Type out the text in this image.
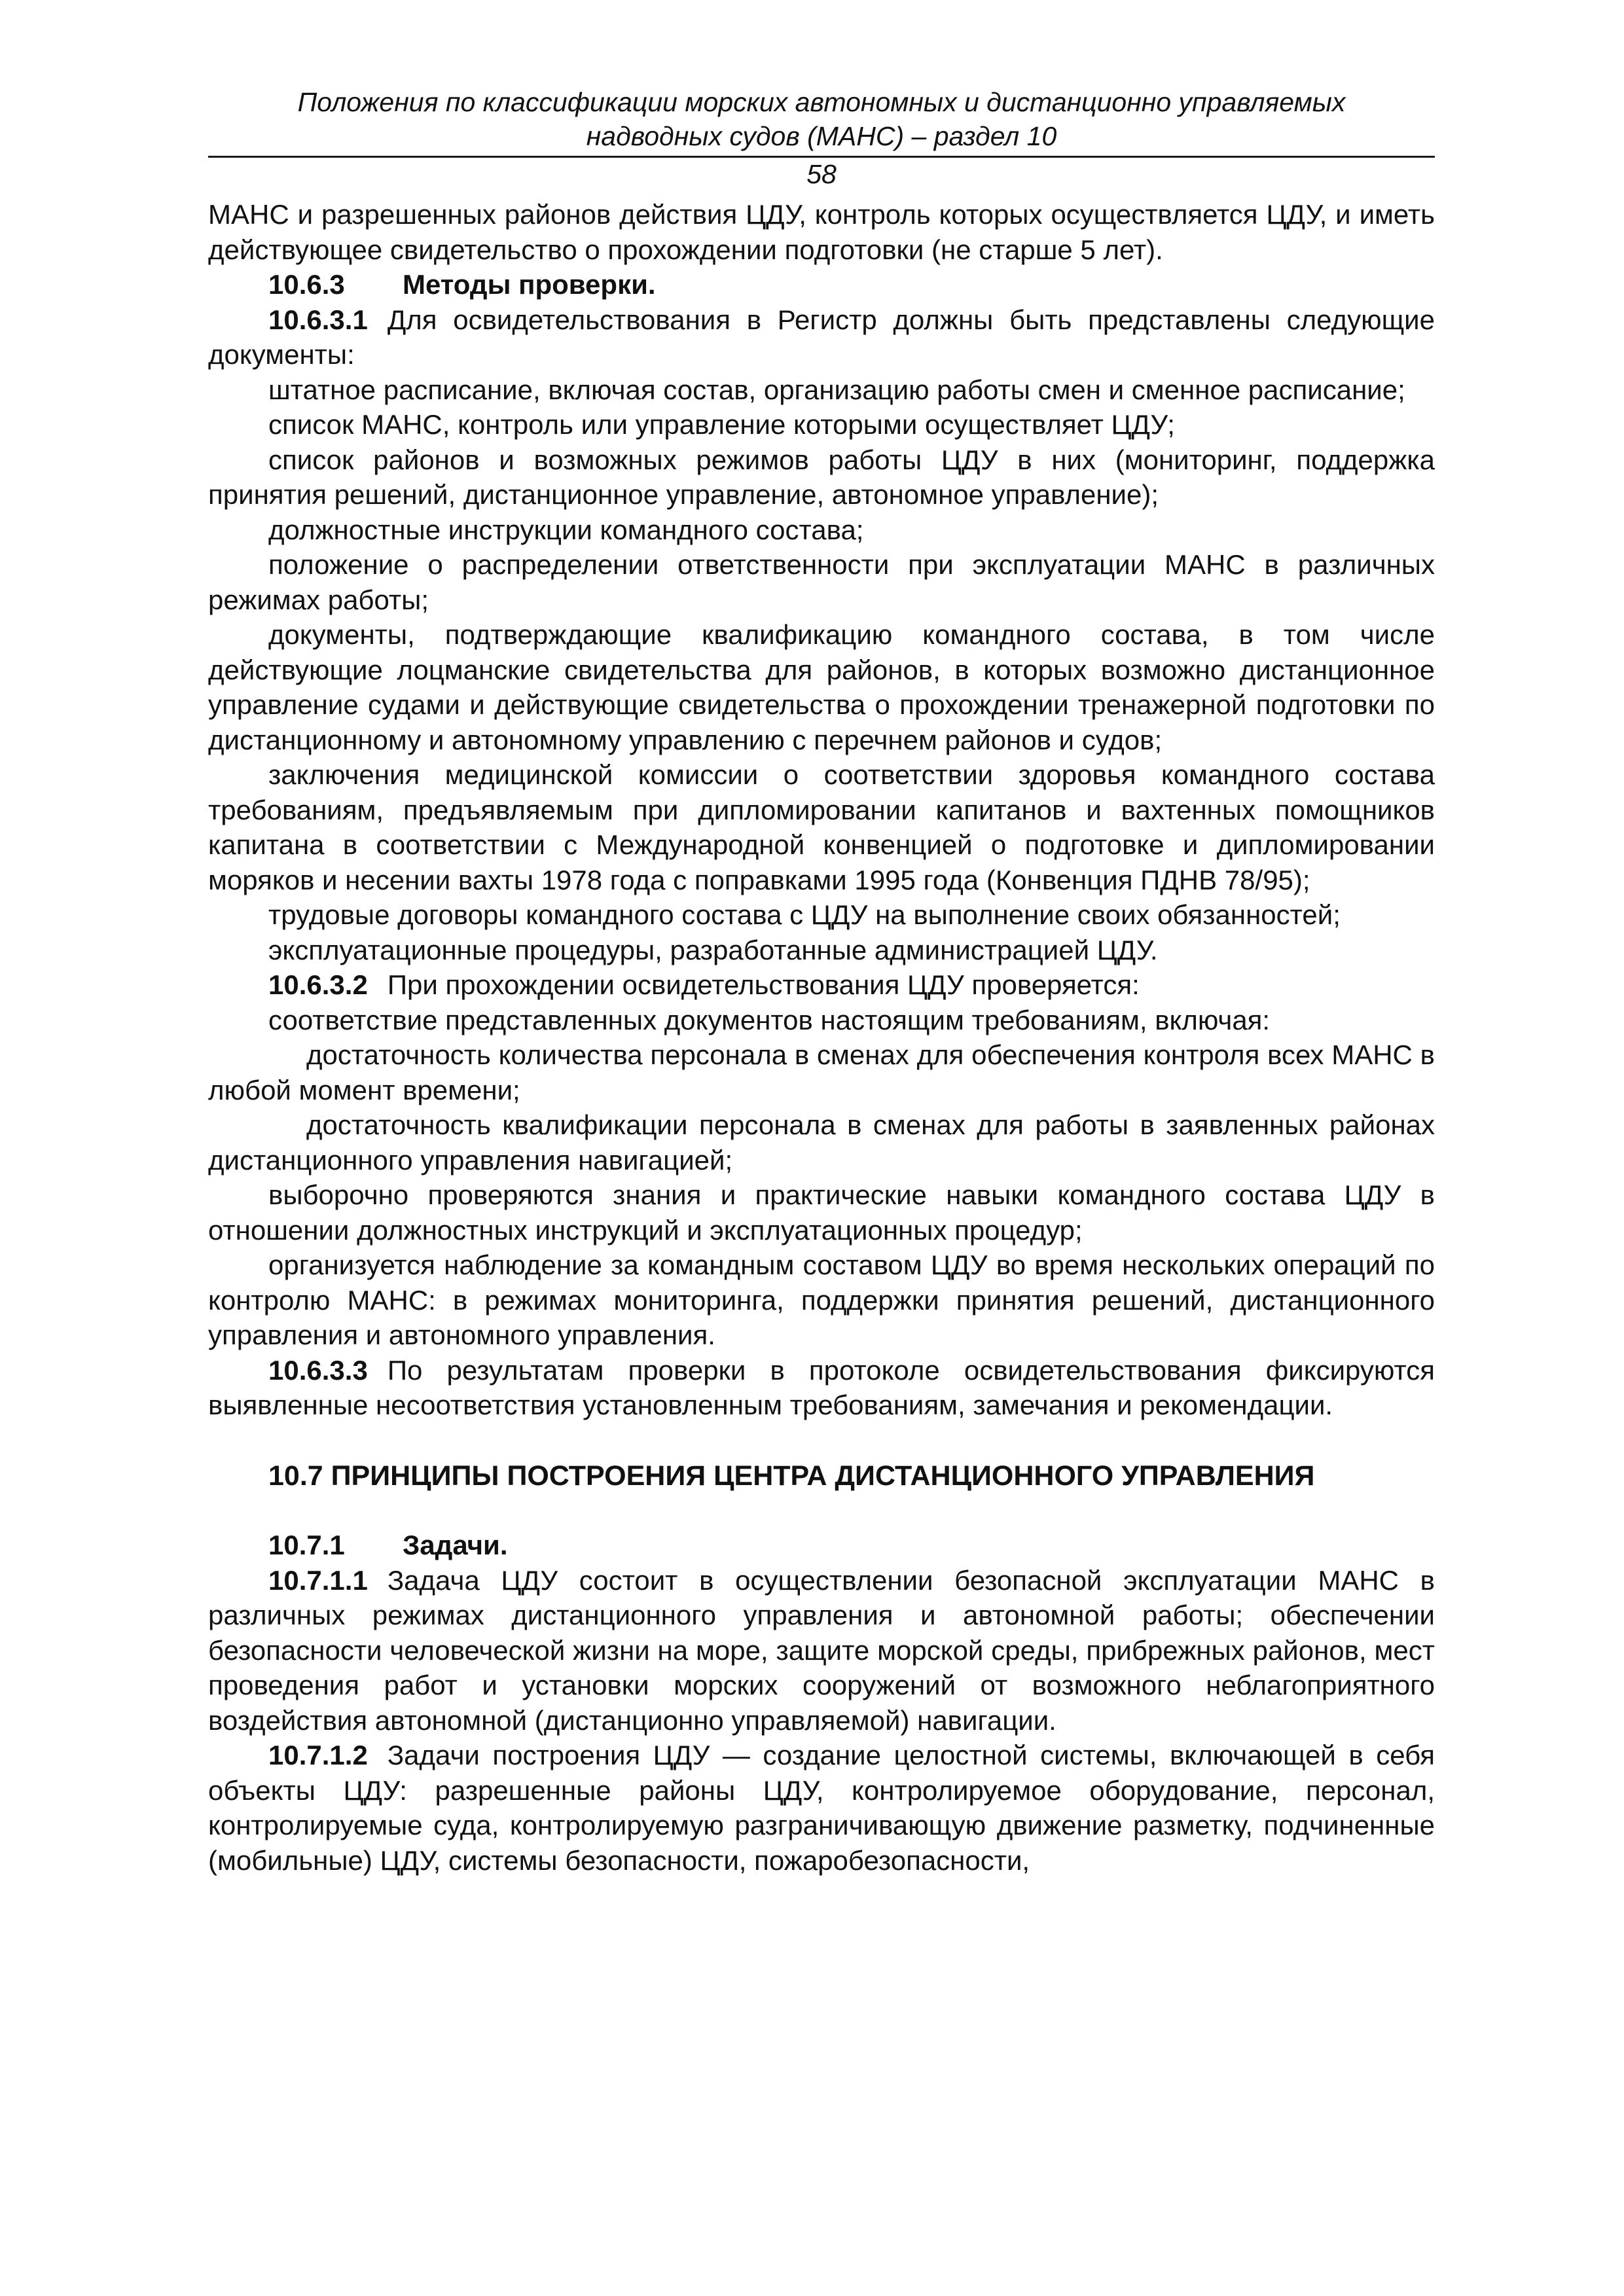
Положения по классификации морских автономных и дистанционно управляемых
надводных судов (МАНС) – раздел 10
58

МАНС и разрешенных районов действия ЦДУ, контроль которых осуществляется ЦДУ, и иметь действующее свидетельство о прохождении подготовки (не старше 5 лет).

10.6.3 Методы проверки.

10.6.3.1 Для освидетельствования в Регистр должны быть представлены следующие документы:

штатное расписание, включая состав, организацию работы смен и сменное расписание;

список МАНС, контроль или управление которыми осуществляет ЦДУ;

список районов и возможных режимов работы ЦДУ в них (мониторинг, поддержка принятия решений, дистанционное управление, автономное управление);

должностные инструкции командного состава;

положение о распределении ответственности при эксплуатации МАНС в различных режимах работы;

документы, подтверждающие квалификацию командного состава, в том числе действующие лоцманские свидетельства для районов, в которых возможно дистанционное управление судами и действующие свидетельства о прохождении тренажерной подготовки по дистанционному и автономному управлению с перечнем районов и судов;

заключения медицинской комиссии о соответствии здоровья командного состава требованиям, предъявляемым при дипломировании капитанов и вахтенных помощников капитана в соответствии с Международной конвенцией о подготовке и дипломировании моряков и несении вахты 1978 года с поправками 1995 года (Конвенция ПДНВ 78/95);

трудовые договоры командного состава с ЦДУ на выполнение своих обязанностей;

эксплуатационные процедуры, разработанные администрацией ЦДУ.

10.6.3.2 При прохождении освидетельствования ЦДУ проверяется:

соответствие представленных документов настоящим требованиям, включая:

достаточность количества персонала в сменах для обеспечения контроля всех МАНС в любой момент времени;

достаточность квалификации персонала в сменах для работы в заявленных районах дистанционного управления навигацией;

выборочно проверяются знания и практические навыки командного состава ЦДУ в отношении должностных инструкций и эксплуатационных процедур;

организуется наблюдение за командным составом ЦДУ во время нескольких операций по контролю МАНС: в режимах мониторинга, поддержки принятия решений, дистанционного управления и автономного управления.

10.6.3.3 По результатам проверки в протоколе освидетельствования фиксируются выявленные несоответствия установленным требованиям, замечания и рекомендации.

10.7 ПРИНЦИПЫ ПОСТРОЕНИЯ ЦЕНТРА ДИСТАНЦИОННОГО УПРАВЛЕНИЯ

10.7.1 Задачи.

10.7.1.1 Задача ЦДУ состоит в осуществлении безопасной эксплуатации МАНС в различных режимах дистанционного управления и автономной работы; обеспечении безопасности человеческой жизни на море, защите морской среды, прибрежных районов, мест проведения работ и установки морских сооружений от возможного неблагоприятного воздействия автономной (дистанционно управляемой) навигации.

10.7.1.2 Задачи построения ЦДУ — создание целостной системы, включающей в себя объекты ЦДУ: разрешенные районы ЦДУ, контролируемое оборудование, персонал, контролируемые суда, контролируемую разграничивающую движение разметку, подчиненные (мобильные) ЦДУ, системы безопасности, пожаробезопасности,
